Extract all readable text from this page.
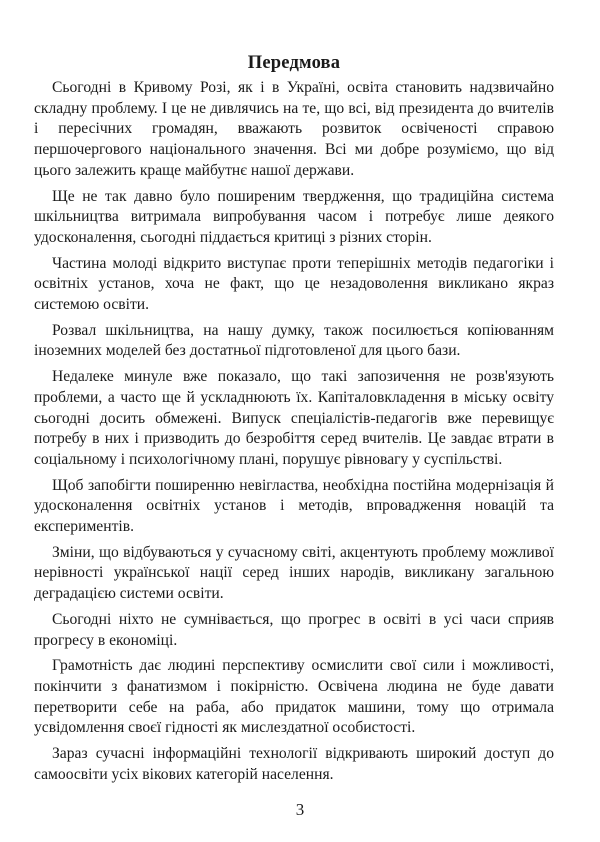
Передмова

Сьогодні в Кривому Розі, як і в Україні, освіта становить надзвичайно складну проблему. І це не дивлячись на те, що всі, від президента до вчителів і пересічних громадян, вважають розвиток освіченості справою першочергового національного значення. Всі ми добре розуміємо, що від цього залежить краще майбутнє нашої держави.

Ще не так давно було поширеним твердження, що традиційна система шкільництва витримала випробування часом і потребує лише деякого удосконалення, сьогодні піддається критиці з різних сторін.

Частина молоді відкрито виступає проти теперішніх методів педагогіки і освітніх установ, хоча не факт, що це незадоволення викликано якраз системою освіти.

Розвал шкільництва, на нашу думку, також посилюється копіюванням іноземних моделей без достатньої підготовленої для цього бази.

Недалеке минуле вже показало, що такі запозичення не розв'язують проблеми, а часто ще й ускладнюють їх. Капіталовкладення в міську освіту сьогодні досить обмежені. Випуск спеціалістів-педагогів вже перевищує потребу в них і призводить до безробіття серед вчителів. Це завдає втрати в соціальному і психологічному плані, порушує рівновагу у суспільстві.

Щоб запобігти поширенню невігластва, необхідна постійна модернізація й удосконалення освітніх установ і методів, впровадження новацій та експериментів.

Зміни, що відбуваються у сучасному світі, акцентують проблему можливої нерівності української нації серед інших народів, викликану загальною деградацією системи освіти.

Сьогодні ніхто не сумнівається, що прогрес в освіті в усі часи сприяв прогресу в економіці.

Грамотність дає людині перспективу осмислити свої сили і можливості, покінчити з фанатизмом і покірністю. Освічена людина не буде давати перетворити себе на раба, або придаток машини, тому що отримала усвідомлення своєї гідності як мислездатної особистості.

Зараз сучасні інформаційні технології відкривають широкий доступ до самоосвіти усіх вікових категорій населення.

3
